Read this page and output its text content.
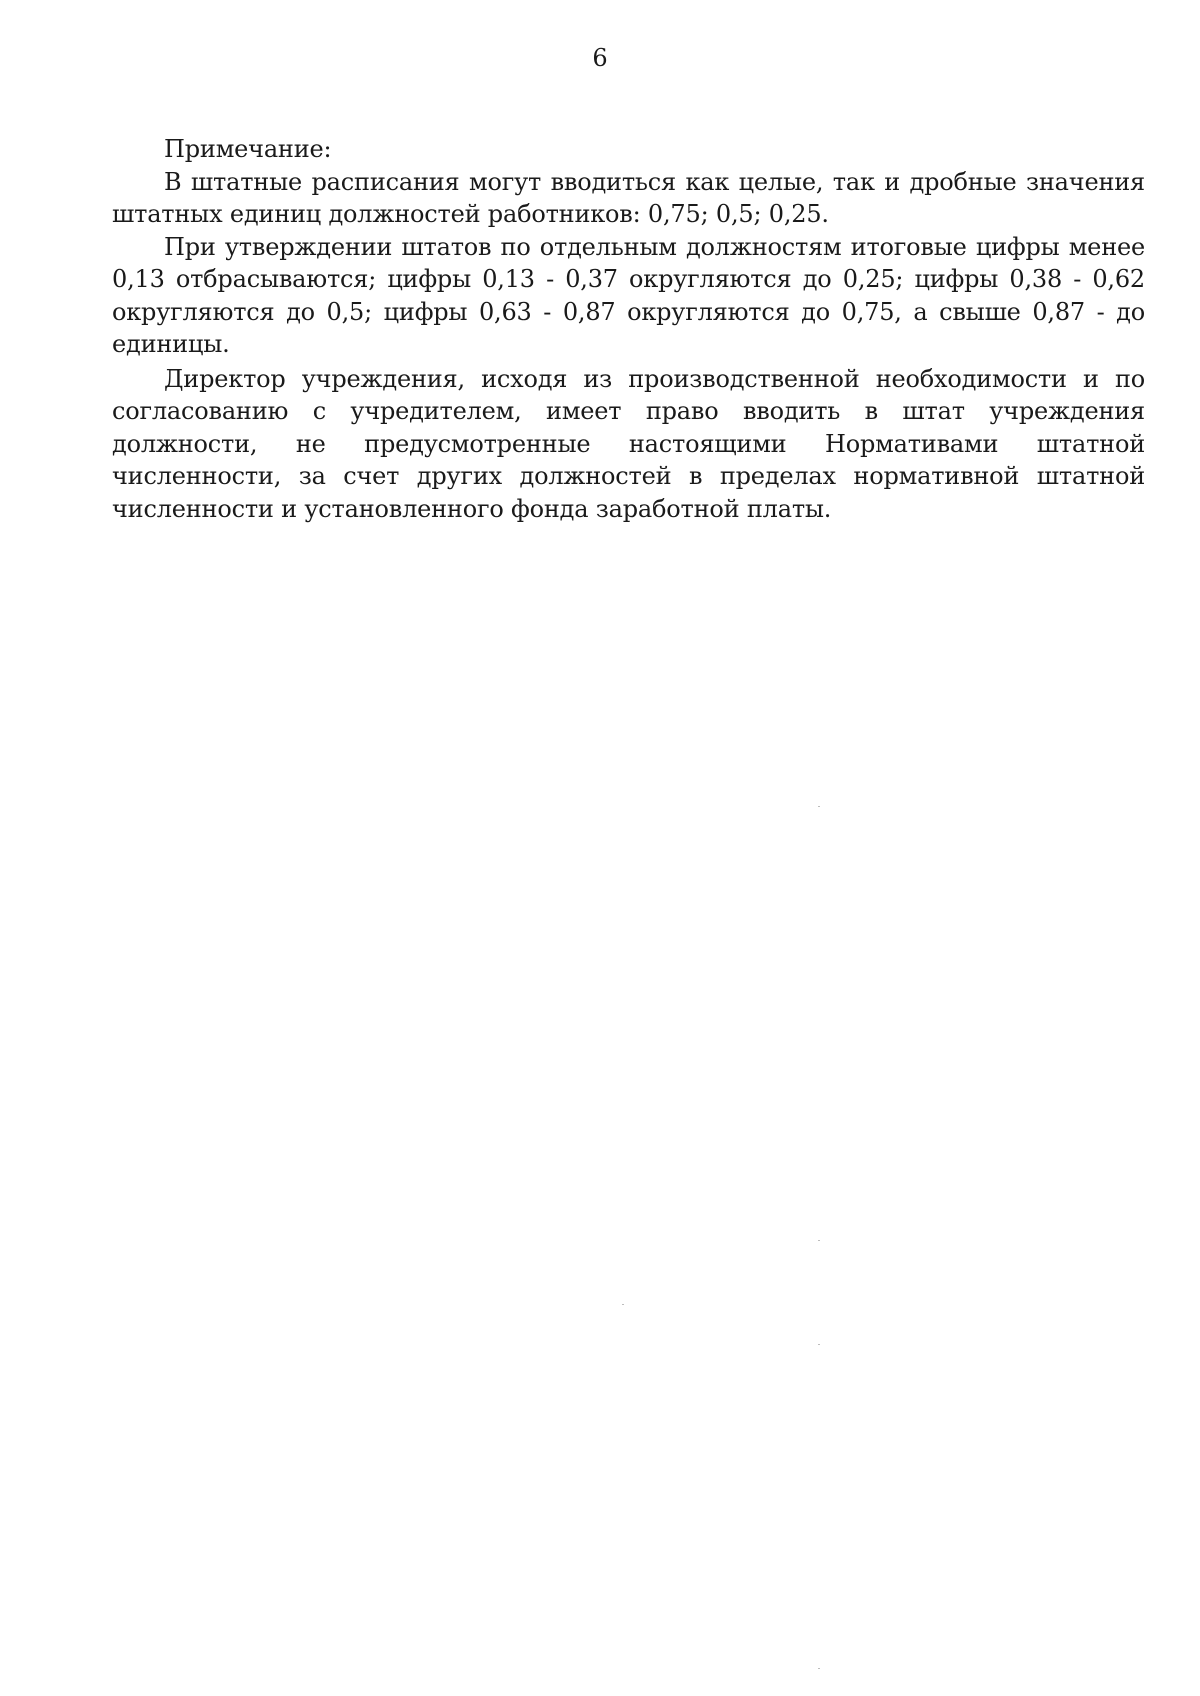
6

Примечание:

В штатные расписания могут вводиться как целые, так и дробные значения штатных единиц должностей работников: 0,75; 0,5; 0,25.

При утверждении штатов по отдельным должностям итоговые цифры менее 0,13 отбрасываются; цифры 0,13 - 0,37 округляются до 0,25; цифры 0,38 - 0,62 округляются до 0,5; цифры 0,63 - 0,87 округляются до 0,75, а свыше 0,87 - до единицы.

Директор учреждения, исходя из производственной необходимости и по согласованию с учредителем, имеет право вводить в штат учреждения должности, не предусмотренные настоящими Нормативами штатной численности, за счет других должностей в пределах нормативной штатной численности и установленного фонда заработной платы.
